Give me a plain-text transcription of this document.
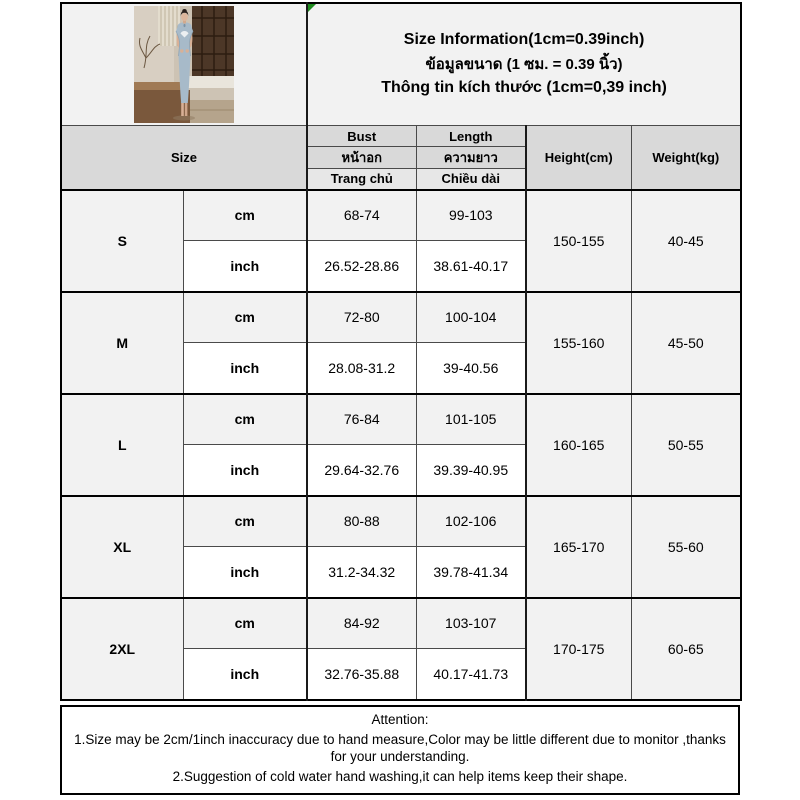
Size Information(1cm=0.39inch)
ข้อมูลขนาด (1 ซม. = 0.39 นิ้ว)
Thông tin kích thước (1cm=0,39 inch)			

Size		Bust	Length	Height(cm)	Weight(kg)
		หน้าอก	ความยาว		
		Trang chủ	Chiều dài		
S	cm	68-74	99-103	150-155	40-45
	inch	26.52-28.86	38.61-40.17		
M	cm	72-80	100-104	155-160	45-50
	inch	28.08-31.2	39-40.56		
L	cm	76-84	101-105	160-165	50-55
	inch	29.64-32.76	39.39-40.95		
XL	cm	80-88	102-106	165-170	55-60
	inch	31.2-34.32	39.78-41.34		
2XL	cm	84-92	103-107	170-175	60-65
	inch	32.76-35.88	40.17-41.73		
Attention:
1.Size may be 2cm/1inch inaccuracy due to hand measure,Color may be little different due to monitor ,thanks for your understanding.
2.Suggestion of cold water hand washing,it can help items keep their shape.
